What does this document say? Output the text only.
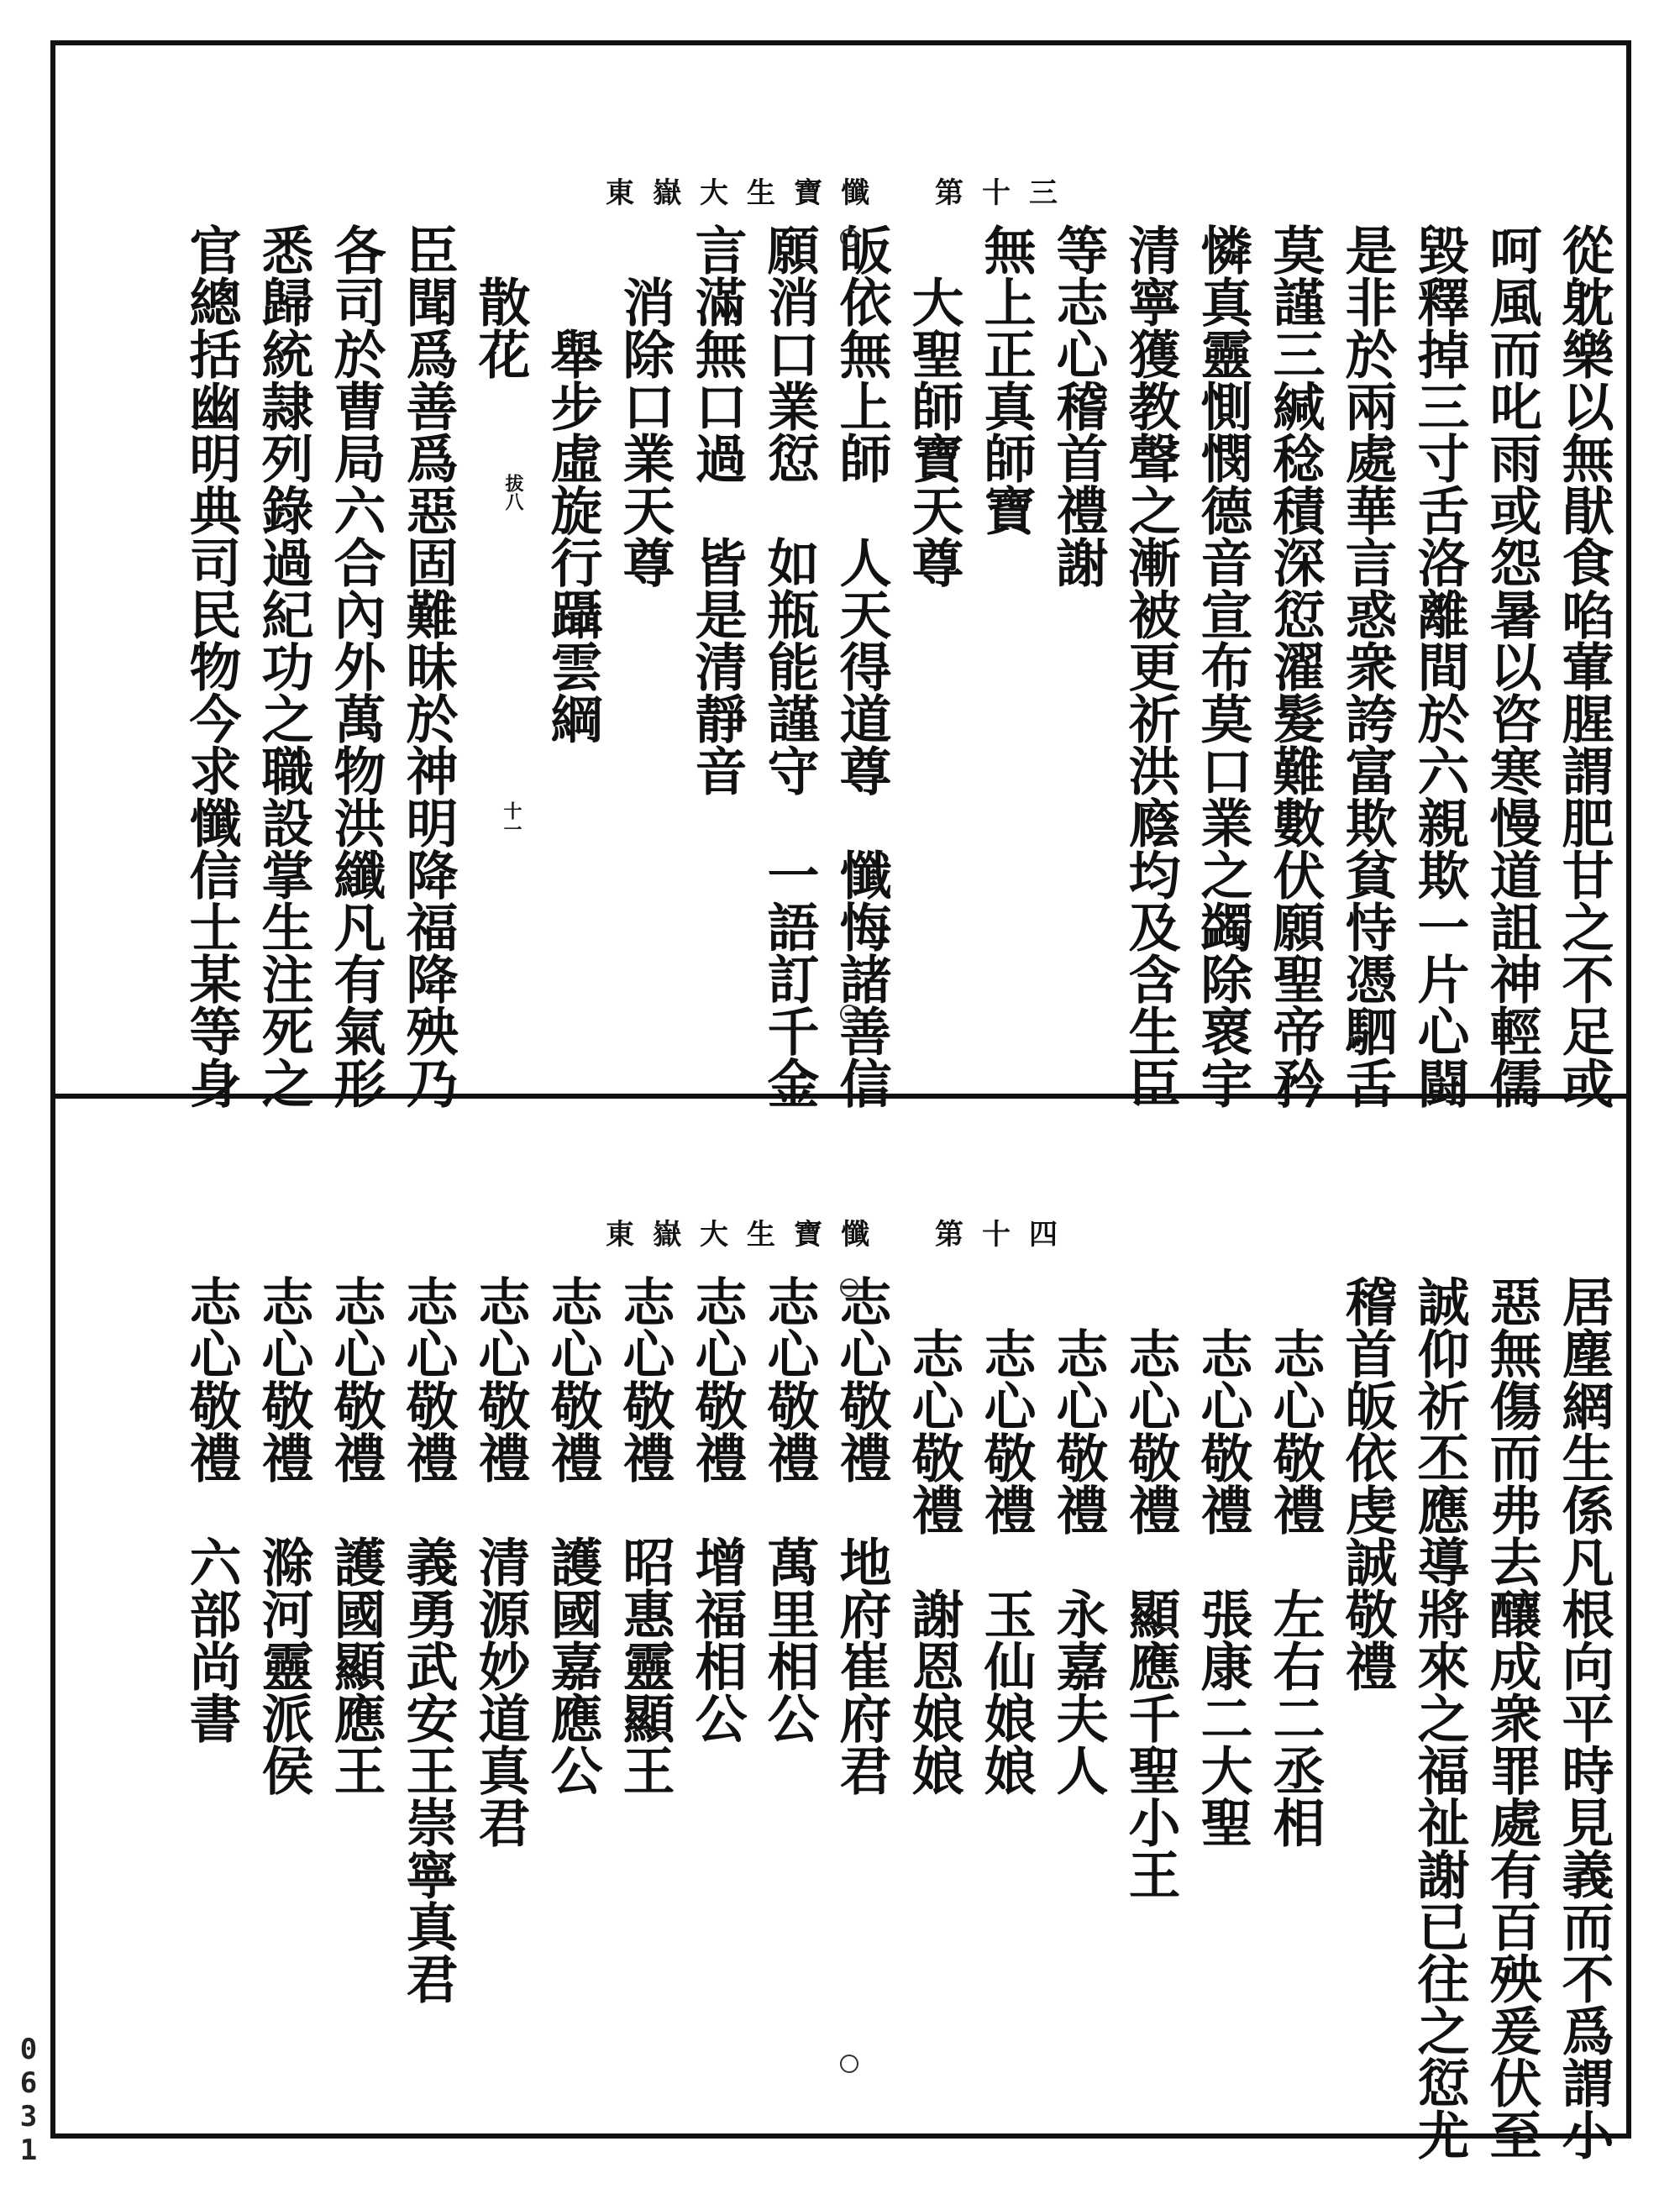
東嶽大生寶懺　第十三
從躭樂以無猒食啗葷腥謂肥甘之不足或
呵風而叱雨或怨暑以咨寒慢道詛神輕儒
毀釋掉三寸舌洛離間於六親欺一片心闘
是非於兩處華言惑衆誇富欺貧恃憑駟舌
莫謹三緘稔積深愆濯髮難數伏願聖帝矜
憐真靈惻憫德音宣布莫口業之蠲除褱宇
清寧獲教聲之漸被更祈洪廕均及含生臣
等志心稽首禮謝
無上正真師寶
　大聖師寶天尊
皈依無上師　人天得道尊　懺悔諸善信
願消口業愆　如瓶能謹守　一語訂千金
言滿無口過　皆是清靜音
　消除口業天尊
　　舉步虛旋行躡雲綱
　散花
臣聞爲善爲惡固難昧於神明降福降殃乃
各司於曹局六合內外萬物洪纖凡有氣形
悉歸統隷列錄過紀功之職設掌生注死之
官總括幽明典司民物今求懺信士某等身	十一
拔八
東嶽大生寶懺　第十四
居塵網生係凡根向平時見義而不爲謂小
惡無傷而弗去釀成衆罪處有百殃爰伏至
誠仰祈丕應導將來之福祉謝已往之愆尤
稽首皈依虔誠敬禮
　志心敬禮　左右二丞相
　志心敬禮　張康二大聖
　志心敬禮　顯應千聖小王
　志心敬禮　永嘉夫人
　志心敬禮　玉仙娘娘
　志心敬禮　謝恩娘娘
志心敬禮　地府崔府君
志心敬禮　萬里相公
志心敬禮　增福相公
志心敬禮　昭惠靈顯王
志心敬禮　護國嘉應公
志心敬禮　清源妙道真君
志心敬禮　義勇武安王崇寧真君
志心敬禮　護國顯應王
志心敬禮　滁河靈派侯
志心敬禮　六部尚書
0631
